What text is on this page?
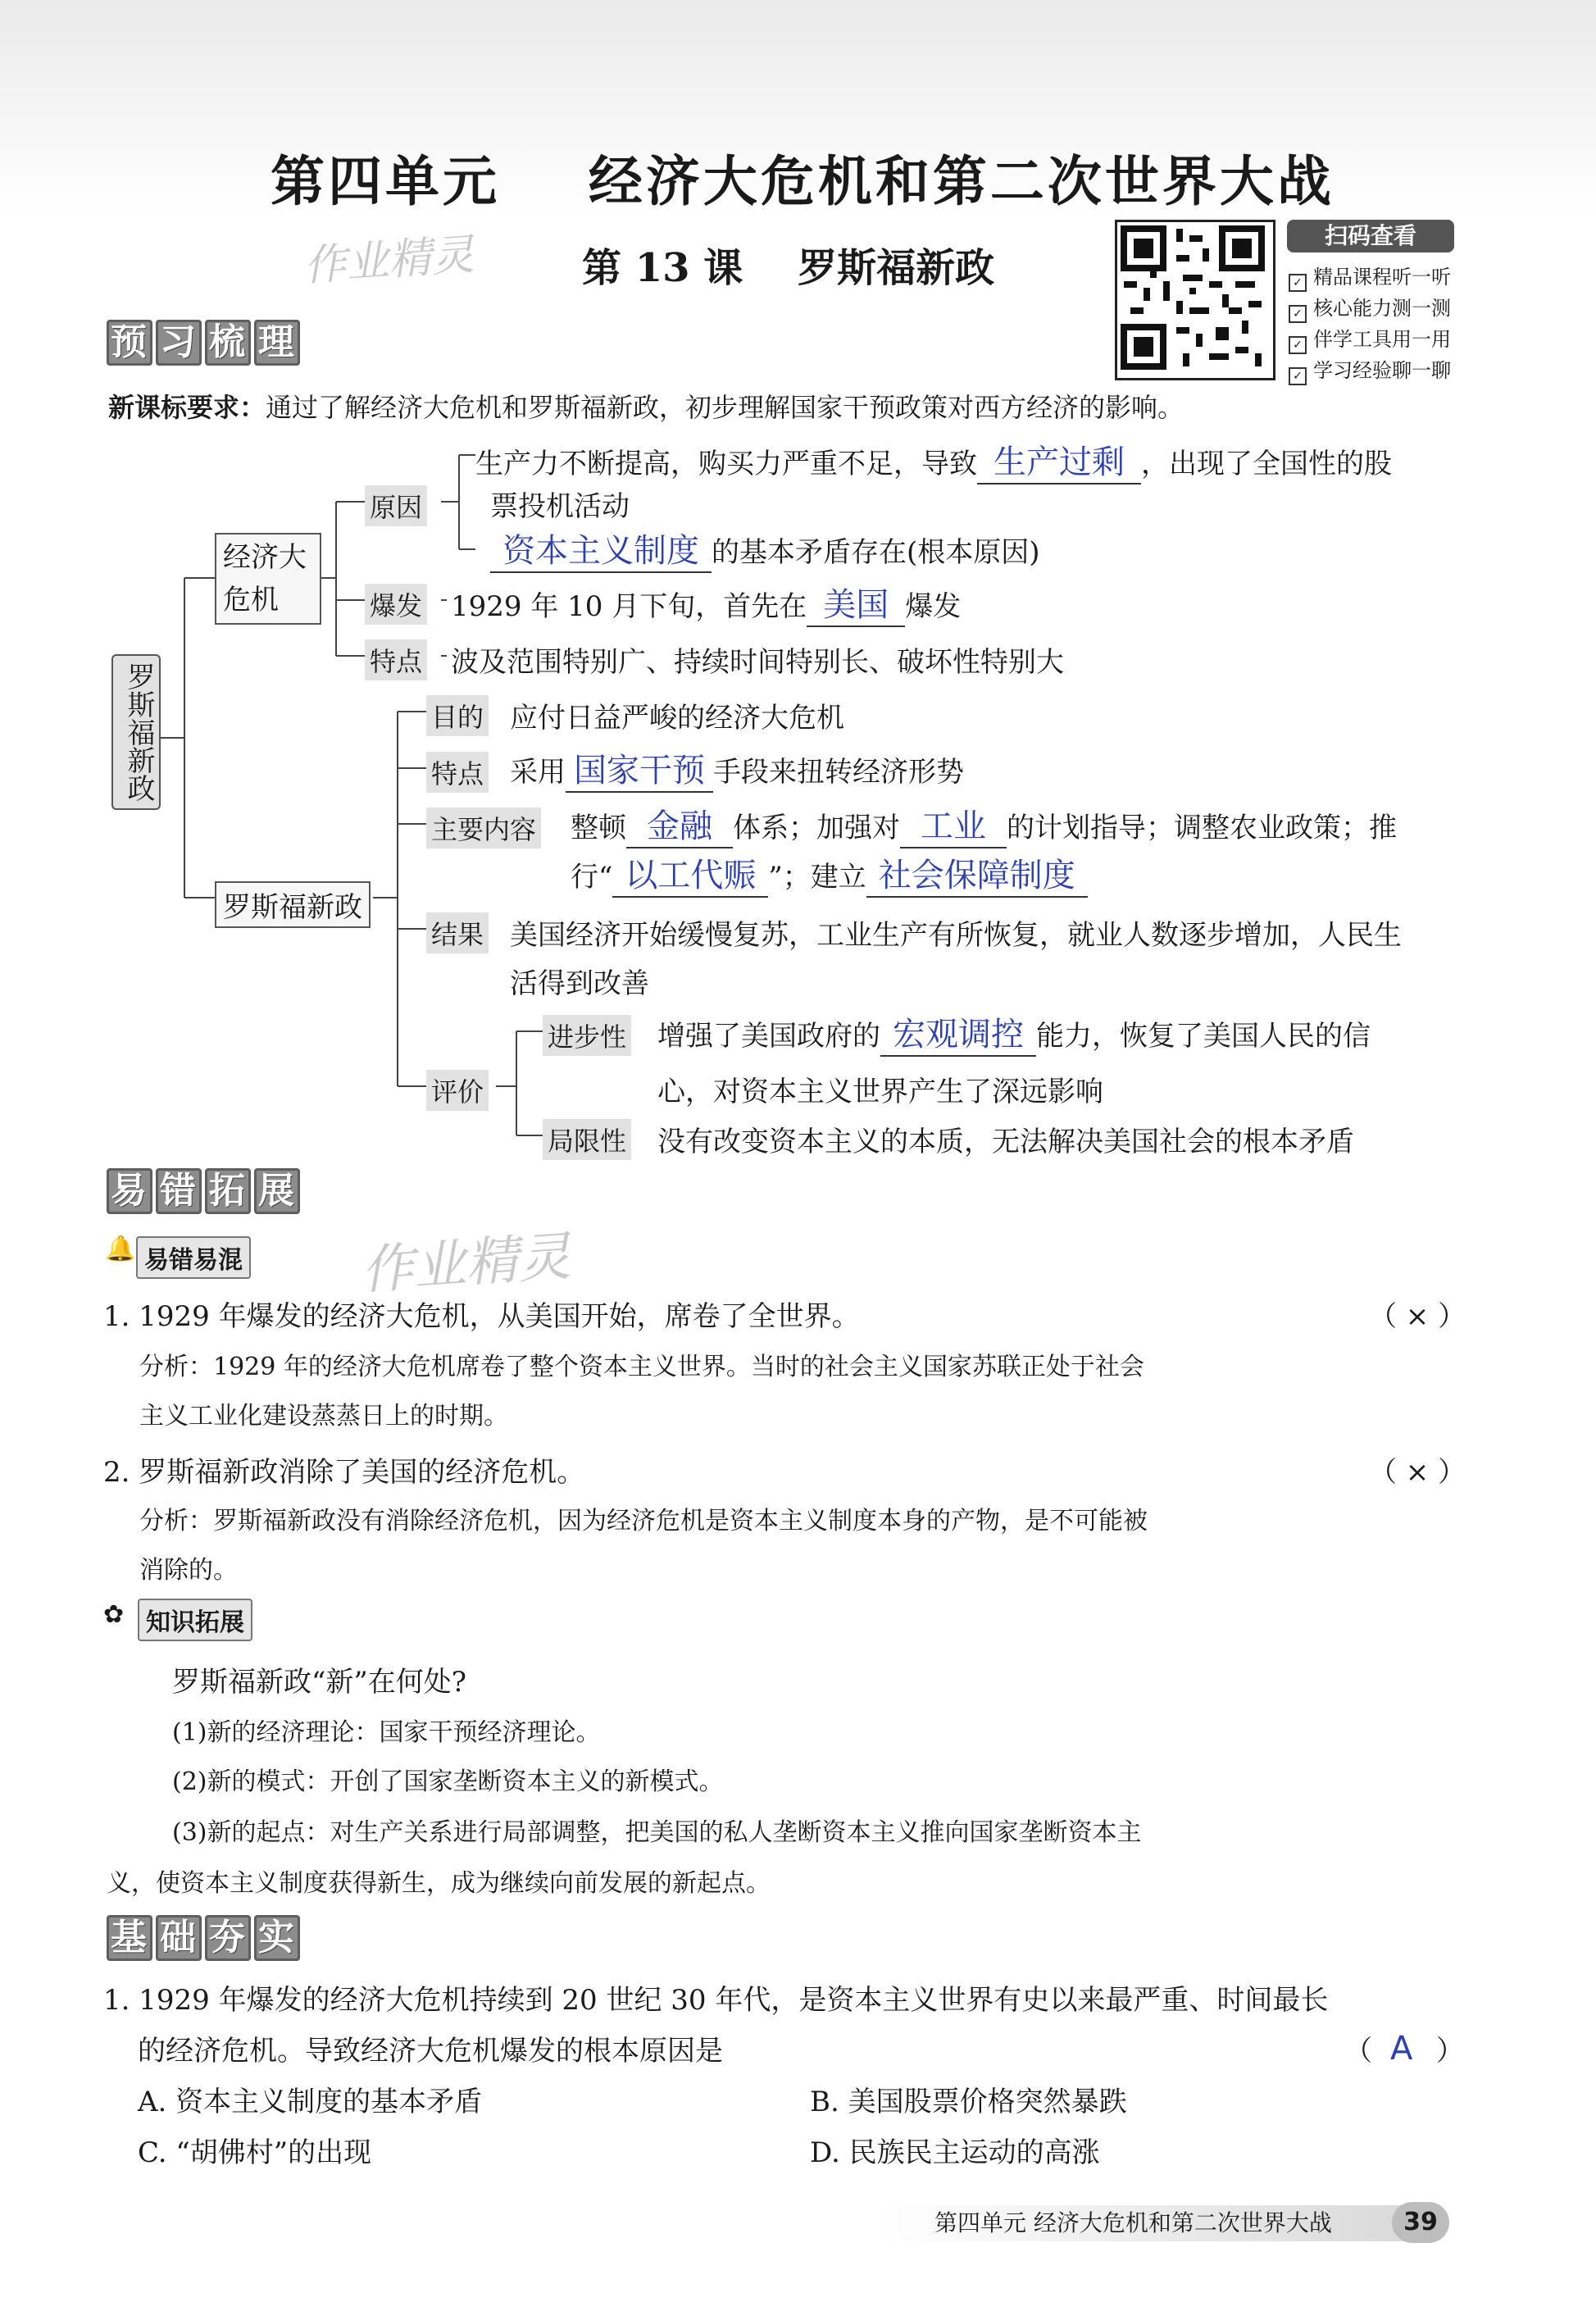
第四单元    经济大危机和第二次世界大战
作业精灵	第 13 课    罗斯福新政
扫码查看
✓ 精品课程听一听
✓ 核心能力测一测
✓ 伴学工具用一用
✓ 学习经验聊一聊
预 习 梳 理
新课标要求：通过了解经济大危机和罗斯福新政，初步理解国家干预政策对西方经济的影响。
罗斯福新政
经济大危机
原因
生产力不断提高，购买力严重不足，导致 生产过剩 ，出现了全国性的股
票投机活动
资本主义制度 的基本矛盾存在(根本原因)
爆发 1929 年 10 月下旬，首先在 美国 爆发
特点 波及范围特别广、持续时间特别长、破坏性特别大
罗斯福新政
目的 应付日益严峻的经济大危机
特点 采用 国家干预 手段来扭转经济形势
主要内容 整顿 金融 体系；加强对 工业 的计划指导；调整农业政策；推
行“ 以工代赈 ”；建立 社会保障制度
结果 美国经济开始缓慢复苏，工业生产有所恢复，就业人数逐步增加，人民生
活得到改善
评价
进步性 增强了美国政府的 宏观调控 能力，恢复了美国人民的信
心，对资本主义世界产生了深远影响
局限性 没有改变资本主义的本质，无法解决美国社会的根本矛盾
易 错 拓 展
🔔 易错易混 作业精灵
1. 1929 年爆发的经济大危机，从美国开始，席卷了全世界。	（ × ）
分析：1929 年的经济大危机席卷了整个资本主义世界。当时的社会主义国家苏联正处于社会
主义工业化建设蒸蒸日上的时期。
2. 罗斯福新政消除了美国的经济危机。	（ × ）
分析：罗斯福新政没有消除经济危机，因为经济危机是资本主义制度本身的产物，是不可能被
消除的。
✿ 知识拓展
罗斯福新政“新”在何处?
(1)新的经济理论：国家干预经济理论。
(2)新的模式：开创了国家垄断资本主义的新模式。
(3)新的起点：对生产关系进行局部调整，把美国的私人垄断资本主义推向国家垄断资本主
义，使资本主义制度获得新生，成为继续向前发展的新起点。
基 础 夯 实
1. 1929 年爆发的经济大危机持续到 20 世纪 30 年代，是资本主义世界有史以来最严重、时间最长
的经济危机。导致经济大危机爆发的根本原因是	（ A ）
A. 资本主义制度的基本矛盾	B. 美国股票价格突然暴跌
C. “胡佛村”的出现	D. 民族民主运动的高涨
第四单元 经济大危机和第二次世界大战	39
